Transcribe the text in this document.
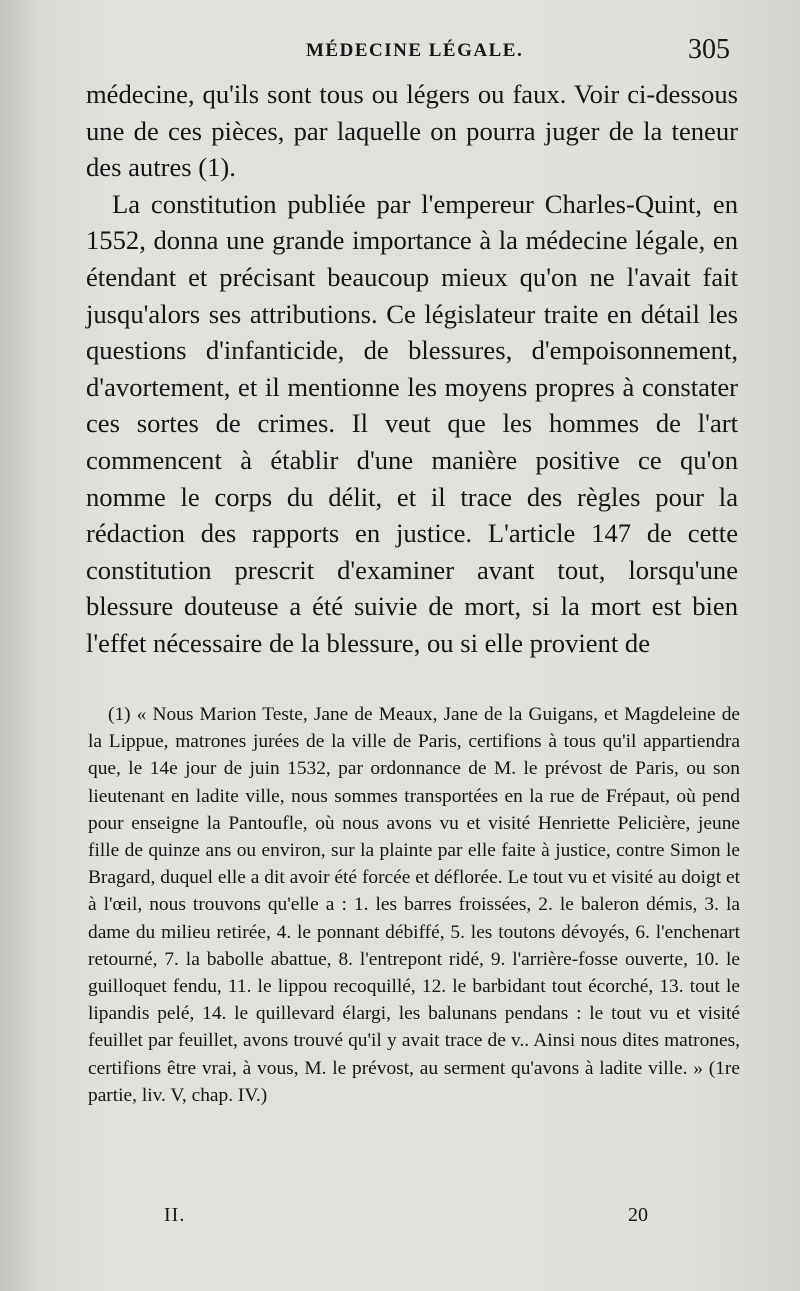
MÉDECINE LÉGALE.	305

médecine, qu'ils sont tous ou légers ou faux. Voir ci-dessous une de ces pièces, par laquelle on pourra juger de la teneur des autres (1).

La constitution publiée par l'empereur Charles-Quint, en 1552, donna une grande importance à la médecine légale, en étendant et précisant beaucoup mieux qu'on ne l'avait fait jusqu'alors ses attributions. Ce législateur traite en détail les questions d'infanticide, de blessures, d'empoisonnement, d'avortement, et il mentionne les moyens propres à constater ces sortes de crimes. Il veut que les hommes de l'art commencent à établir d'une manière positive ce qu'on nomme le corps du délit, et il trace des règles pour la rédaction des rapports en justice. L'article 147 de cette constitution prescrit d'examiner avant tout, lorsqu'une blessure douteuse a été suivie de mort, si la mort est bien l'effet nécessaire de la blessure, ou si elle provient de

(1) « Nous Marion Teste, Jane de Meaux, Jane de la Guigans, et Magdeleine de la Lippue, matrones jurées de la ville de Paris, certifions à tous qu'il appartiendra que, le 14e jour de juin 1532, par ordonnance de M. le prévost de Paris, ou son lieutenant en ladite ville, nous sommes transportées en la rue de Frépaut, où pend pour enseigne la Pantoufle, où nous avons vu et visité Henriette Pelicière, jeune fille de quinze ans ou environ, sur la plainte par elle faite à justice, contre Simon le Bragard, duquel elle a dit avoir été forcée et déflorée. Le tout vu et visité au doigt et à l'œil, nous trouvons qu'elle a : 1. les barres froissées, 2. le baleron démis, 3. la dame du milieu retirée, 4. le ponnant débiffé, 5. les toutons dévoyés, 6. l'enchenart retourné, 7. la babolle abattue, 8. l'entrepont ridé, 9. l'arrière-fosse ouverte, 10. le guilloquet fendu, 11. le lippou recoquillé, 12. le barbidant tout écorché, 13. tout le lipandis pelé, 14. le quillevard élargi, les balunans pendans : le tout vu et visité feuillet par feuillet, avons trouvé qu'il y avait trace de v.. Ainsi nous dites matrones, certifions être vrai, à vous, M. le prévost, au serment qu'avons à ladite ville. » (1re partie, liv. V, chap. IV.)
II.	20
